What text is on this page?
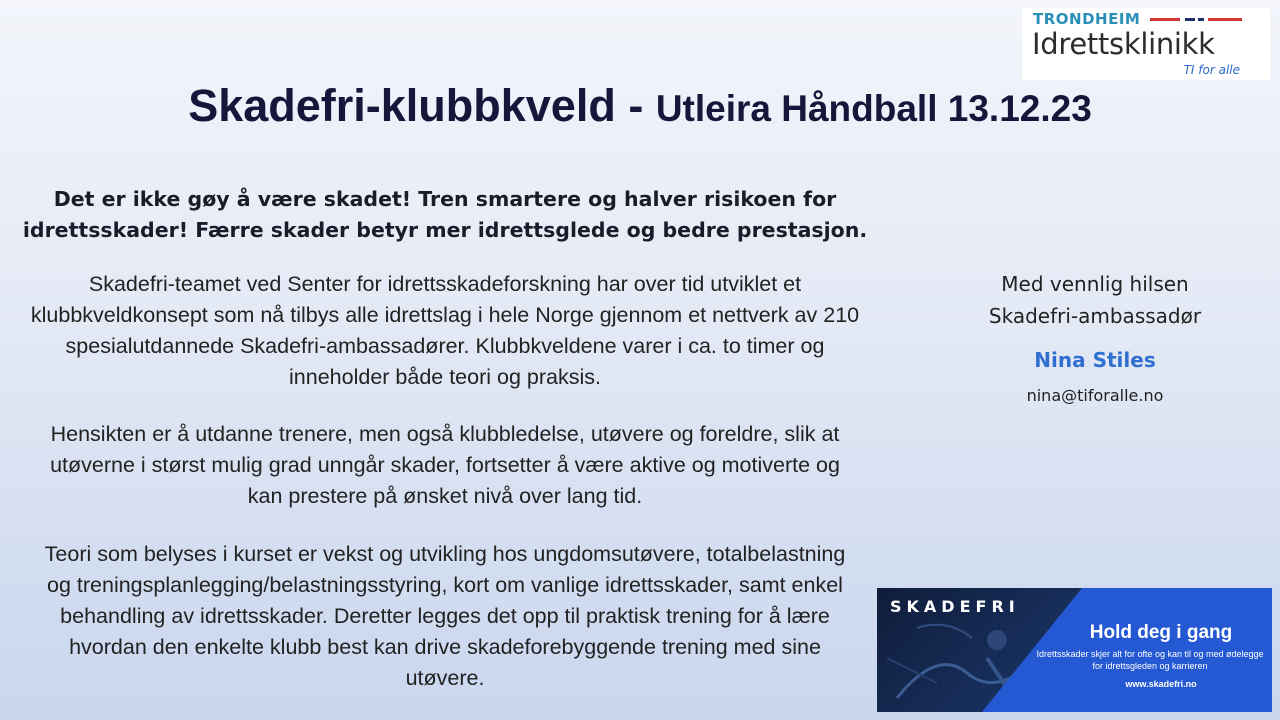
TRONDHEIM
Idrettsklinikk
TI for alle
Skadefri-klubbkveld - Utleira Håndball 13.12.23
Det er ikke gøy å være skadet! Tren smartere og halver risikoen for idrettsskader! Færre skader betyr mer idrettsglede og bedre prestasjon.

Skadefri-teamet ved Senter for idrettsskadeforskning har over tid utviklet et klubbkveldkonsept som nå tilbys alle idrettslag i hele Norge gjennom et nettverk av 210 spesialutdannede Skadefri-ambassadører. Klubbkveldene varer i ca. to timer og inneholder både teori og praksis.

Hensikten er å utdanne trenere, men også klubbledelse, utøvere og foreldre, slik at utøverne i størst mulig grad unngår skader, fortsetter å være aktive og motiverte og kan prestere på ønsket nivå over lang tid.

Teori som belyses i kurset er vekst og utvikling hos ungdomsutøvere, totalbelastning og treningsplanlegging/belastningsstyring, kort om vanlige idrettsskader, samt enkel behandling av idrettsskader. Deretter legges det opp til praktisk trening for å lære hvordan den enkelte klubb best kan drive skadeforebyggende trening med sine utøvere.

Med vennlig hilsen
Skadefri-ambassadør
Nina Stiles
nina@tiforalle.no
SKADEFRI
Hold deg i gang
Idrettsskader skjer alt for ofte og kan til og med ødelegge for idrettsgleden og karrieren
www.skadefri.no
